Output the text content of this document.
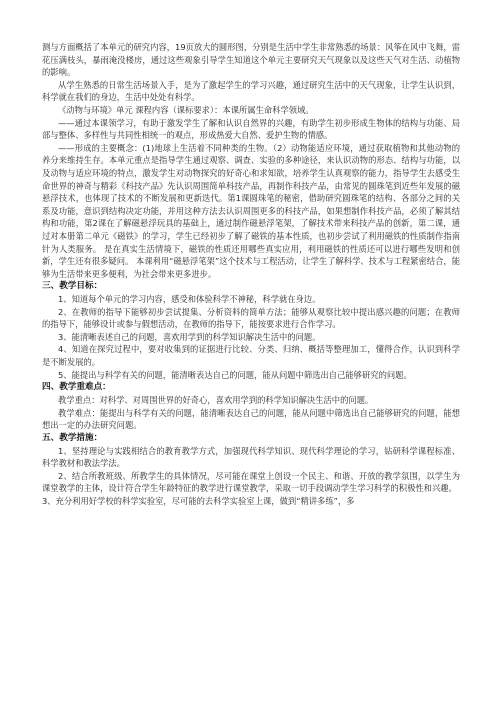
测与方面概括了本单元的研究内容，19页放大的圆形图，分别是生活中学生非常熟悉的场景：风筝在风中飞舞，雷花压满枝头，暴雨淹没楼房，通过这些观象引导学生知道这个单元主要研究天气现象以及这些天气对生活、动植物的影响。

从学生熟悉的日常生活场景入手，是为了激起学生的学习兴趣，通过研究生活中的天气现象，让学生认识到，科学就在我们的身边，生活中处处有科学。

《动物与环境》单元 课程内容（课标要求）：本课所属生命科学领域。

——通过本课领学习，有助于激发学生了解和认识自然界的兴趣，有助学生初步形成生物体的结构与功能、局部与整体、多样性与共同性相统一的观点，形成热爱大自然、爱护生物的情感。

——形成的主要概念：(1)地球上生活着不同种类的生物。（2）动物能适应环境，通过获取植物和其他动物的养分来维持生存。本单元重点是指导学生通过观察、调查、实验的多种途径，来认识动物的形态、结构与功能，以及动物与适应环境的特点，激发学生对动物探究的好奇心和求知欲，培养学生认真观察的能力，指导学生去感受生命世界的神奇与精彩《科技产品》先认识周围简单科技产品，再制作科技产品，由常见的圆珠笔到近些年发展的磁悬浮技术，也体现了技术的不断发展和更新迭代。第1课圆珠笔的秘密，借助研究圆珠笔的结构、各部分之间的关系及功能，意识到结构决定功能，并用这种方法去认识周围更多的科技产品，如果想制作科技产品，必须了解其结构和功能，第2课在了解磁悬浮玩具的基础上，通过制作磁悬浮笔架，了解技术带来科技产品的创新，第二课，通过对本册第二单元《磁铁》的学习，学生已经初步了解了磁铁的基本性质，也初步尝试了利用磁铁的性质制作指南针为人类服务。 是在真实生活情境下，磁铁的性质还用哪些真实应用，利用磁铁的性质还可以进行哪些发明和创新，学生还有很多疑问。 本课利用“磁悬浮笔架”这个技术与工程活动，让学生了解科学、技术与工程紧密结合，能够为生活带来更多便利，为社会带来更多进步。

三、教学目标：

1、知道每个单元的学习内容，感受和体验科学不神秘，科学就在身边。

2、在教师的指导下能够初步尝试提集、分析资料的简单方法；能够从观察比较中提出感兴趣的问题；在教师的指导下，能够设计或参与假想活动，在教师的指导下，能按要求进行合作学习。

3、能清晰表述自己的问题，喜欢用学到的科学知识解决生活中的问题。

4、知道在探究过程中，要对收集到的证据进行比较、分类、归纳、概括等整理加工，懂得合作，认识到科学是不断发展的。

5、能提出与科学有关的问题，能清晰表达自己的问题，能从问题中筛选出自己能够研究的问题。

四、教学重难点：

教学重点：对科学、对周围世界的好奇心，喜欢用学到的科学知识解决生活中的问题。

教学难点：能提出与科学有关的问题，能清晰表达自己的问题，能从问题中筛选出自己能够研究的问题，能想想出一定的办法研究问题。

五、教学措施：

1、坚持理论与实践相结合的教育教学方式，加强现代科学知识、现代科学理论的学习，钻研科学课程标准、科学教材和教法学法。

2、结合所教班级、所教学生的具体情况，尽可能在课堂上创设一个民主、和谐、开放的教学氛围，以学生为课堂教学的主体，设计符合学生年龄特征的教学进行课堂教学，采取一切手段调动学生学习科学的积极性和兴趣。

3、充分利用好学校的科学实验室，尽可能的去科学实验室上课，做到“精讲多练”，多
